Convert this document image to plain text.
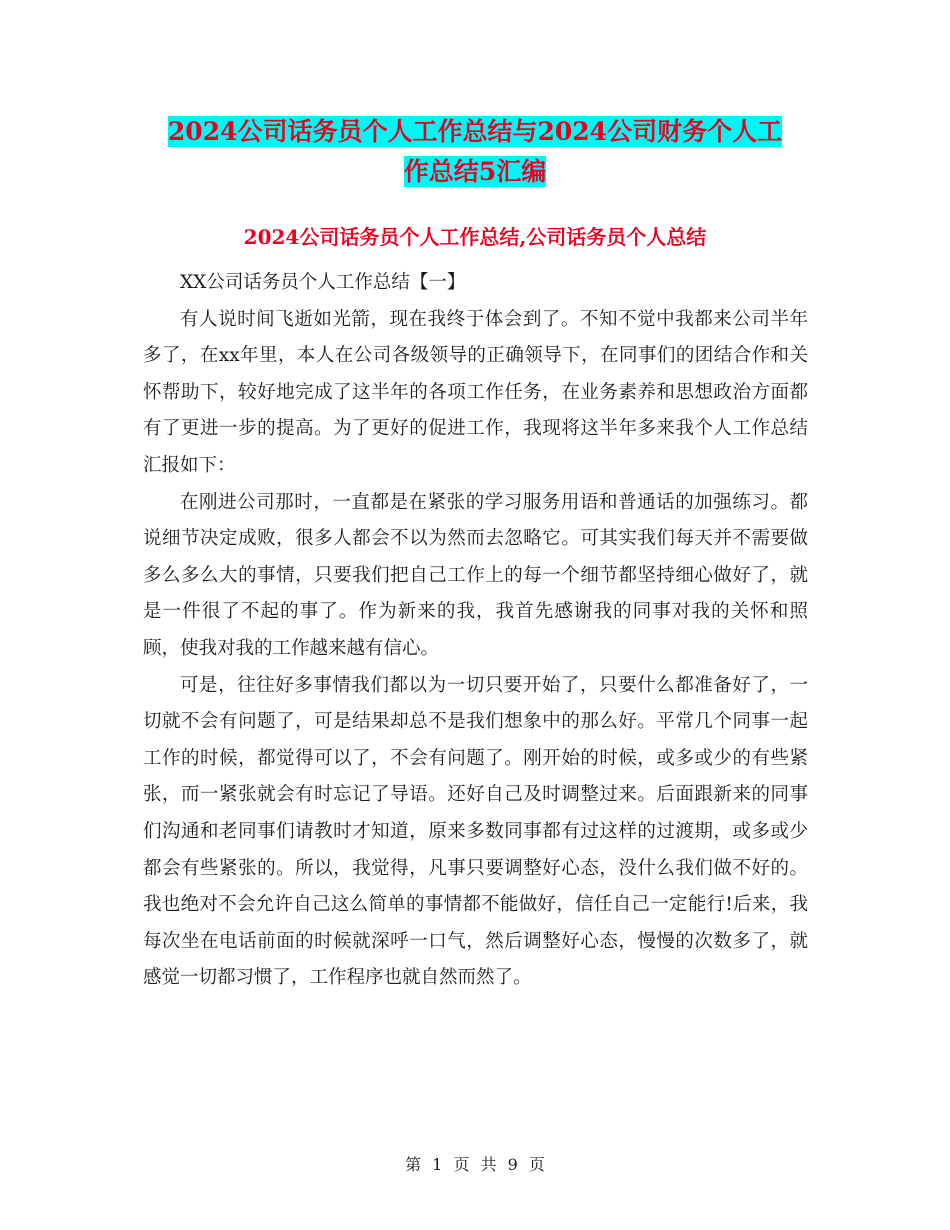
2024公司话务员个人工作总结与2024公司财务个人工
作总结5汇编
2024公司话务员个人工作总结,公司话务员个人总结

XX公司话务员个人工作总结【一】

有人说时间飞逝如光箭，现在我终于体会到了。不知不觉中我都来公司半年多了，在xx年里，本人在公司各级领导的正确领导下，在同事们的团结合作和关怀帮助下，较好地完成了这半年的各项工作任务，在业务素养和思想政治方面都有了更进一步的提高。为了更好的促进工作，我现将这半年多来我个人工作总结汇报如下：

在刚进公司那时，一直都是在紧张的学习服务用语和普通话的加强练习。都说细节决定成败，很多人都会不以为然而去忽略它。可其实我们每天并不需要做多么多么大的事情，只要我们把自己工作上的每一个细节都坚持细心做好了，就是一件很了不起的事了。作为新来的我，我首先感谢我的同事对我的关怀和照顾，使我对我的工作越来越有信心。

可是，往往好多事情我们都以为一切只要开始了，只要什么都准备好了，一切就不会有问题了，可是结果却总不是我们想象中的那么好。平常几个同事一起工作的时候，都觉得可以了，不会有问题了。刚开始的时候，或多或少的有些紧张，而一紧张就会有时忘记了导语。还好自己及时调整过来。后面跟新来的同事们沟通和老同事们请教时才知道，原来多数同事都有过这样的过渡期，或多或少都会有些紧张的。所以，我觉得，凡事只要调整好心态，没什么我们做不好的。我也绝对不会允许自己这么简单的事情都不能做好，信任自己一定能行!后来，我每次坐在电话前面的时候就深呼一口气，然后调整好心态，慢慢的次数多了，就感觉一切都习惯了，工作程序也就自然而然了。

第 1 页 共 9 页
